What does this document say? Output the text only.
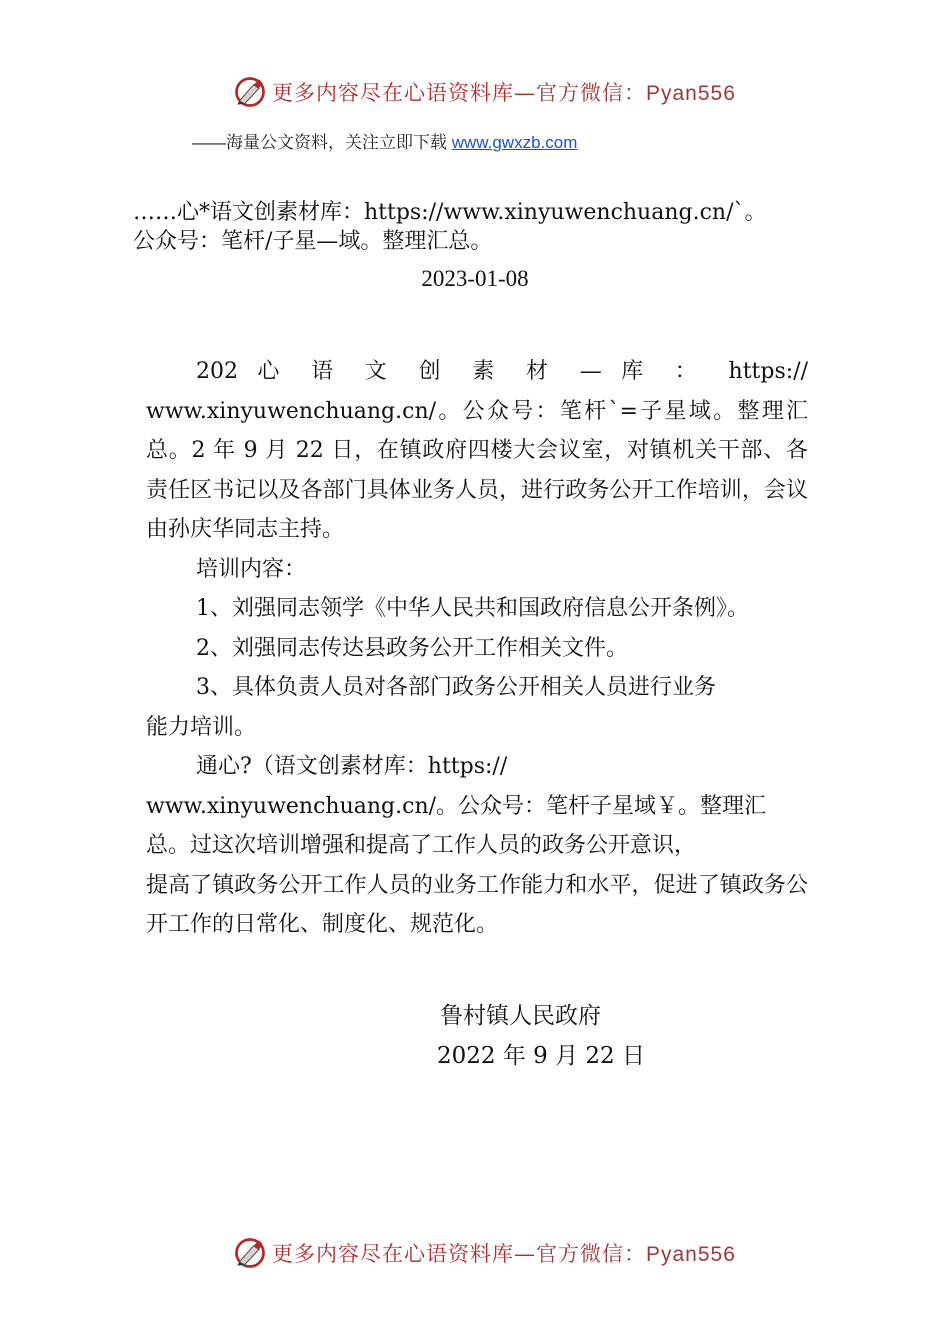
更多内容尽在心语资料库—官方微信：Pyan556
——海量公文资料，关注立即下载 www.gwxzb.com
……心*语文创素材库：https://www.xinyuwenchuang.cn/`。
公众号：笔杆/子星—域。整理汇总。
2023-01-08

202 心 语 文 创 素 材 — 库 ： https://

www.xinyuwenchuang.cn/。公众号：笔杆`=子星域。整理汇总。2 年 9 月 22 日，在镇政府四楼大会议室，对镇机关干部、各责任区书记以及各部门具体业务人员，进行政务公开工作培训，会议由孙庆华同志主持。

培训内容：

1、刘强同志领学《中华人民共和国政府信息公开条例》。

2、刘强同志传达县政务公开工作相关文件。

3、具体负责人员对各部门政务公开相关人员进行业务

能力培训。

通心?（语文创素材库：https://

www.xinyuwenchuang.cn/。公众号：笔杆子星域￥。整理汇

总。过这次培训增强和提高了工作人员的政务公开意识，

提高了镇政务公开工作人员的业务工作能力和水平，促进了镇政务公开工作的日常化、制度化、规范化。

鲁村镇人民政府
2022 年 9 月 22 日
更多内容尽在心语资料库—官方微信：Pyan556
